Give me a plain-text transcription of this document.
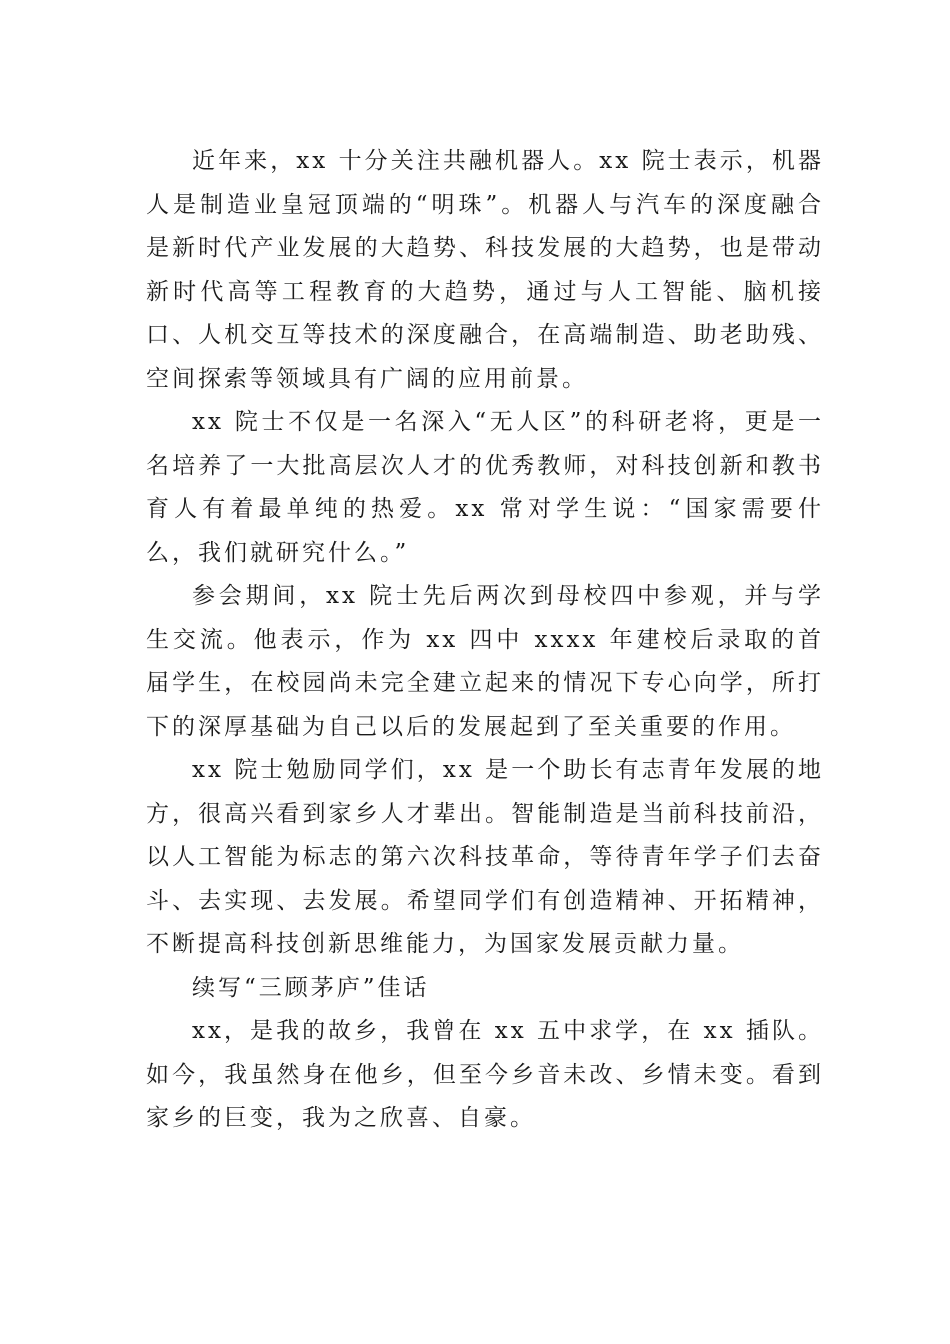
近年来，xx 十分关注共融机器人。xx 院士表示，机器人是制造业皇冠顶端的“明珠”。机器人与汽车的深度融合是新时代产业发展的大趋势、科技发展的大趋势，也是带动新时代高等工程教育的大趋势，通过与人工智能、脑机接口、人机交互等技术的深度融合，在高端制造、助老助残、空间探索等领域具有广阔的应用前景。

xx 院士不仅是一名深入“无人区”的科研老将，更是一名培养了一大批高层次人才的优秀教师，对科技创新和教书育人有着最单纯的热爱。xx 常对学生说：“国家需要什么，我们就研究什么。”

参会期间，xx 院士先后两次到母校四中参观，并与学生交流。他表示，作为 xx 四中 xxxx 年建校后录取的首届学生，在校园尚未完全建立起来的情况下专心向学，所打下的深厚基础为自己以后的发展起到了至关重要的作用。

xx 院士勉励同学们，xx 是一个助长有志青年发展的地方，很高兴看到家乡人才辈出。智能制造是当前科技前沿，以人工智能为标志的第六次科技革命，等待青年学子们去奋斗、去实现、去发展。希望同学们有创造精神、开拓精神，不断提高科技创新思维能力，为国家发展贡献力量。

续写“三顾茅庐”佳话

xx，是我的故乡，我曾在 xx 五中求学，在 xx 插队。如今，我虽然身在他乡，但至今乡音未改、乡情未变。看到家乡的巨变，我为之欣喜、自豪。
